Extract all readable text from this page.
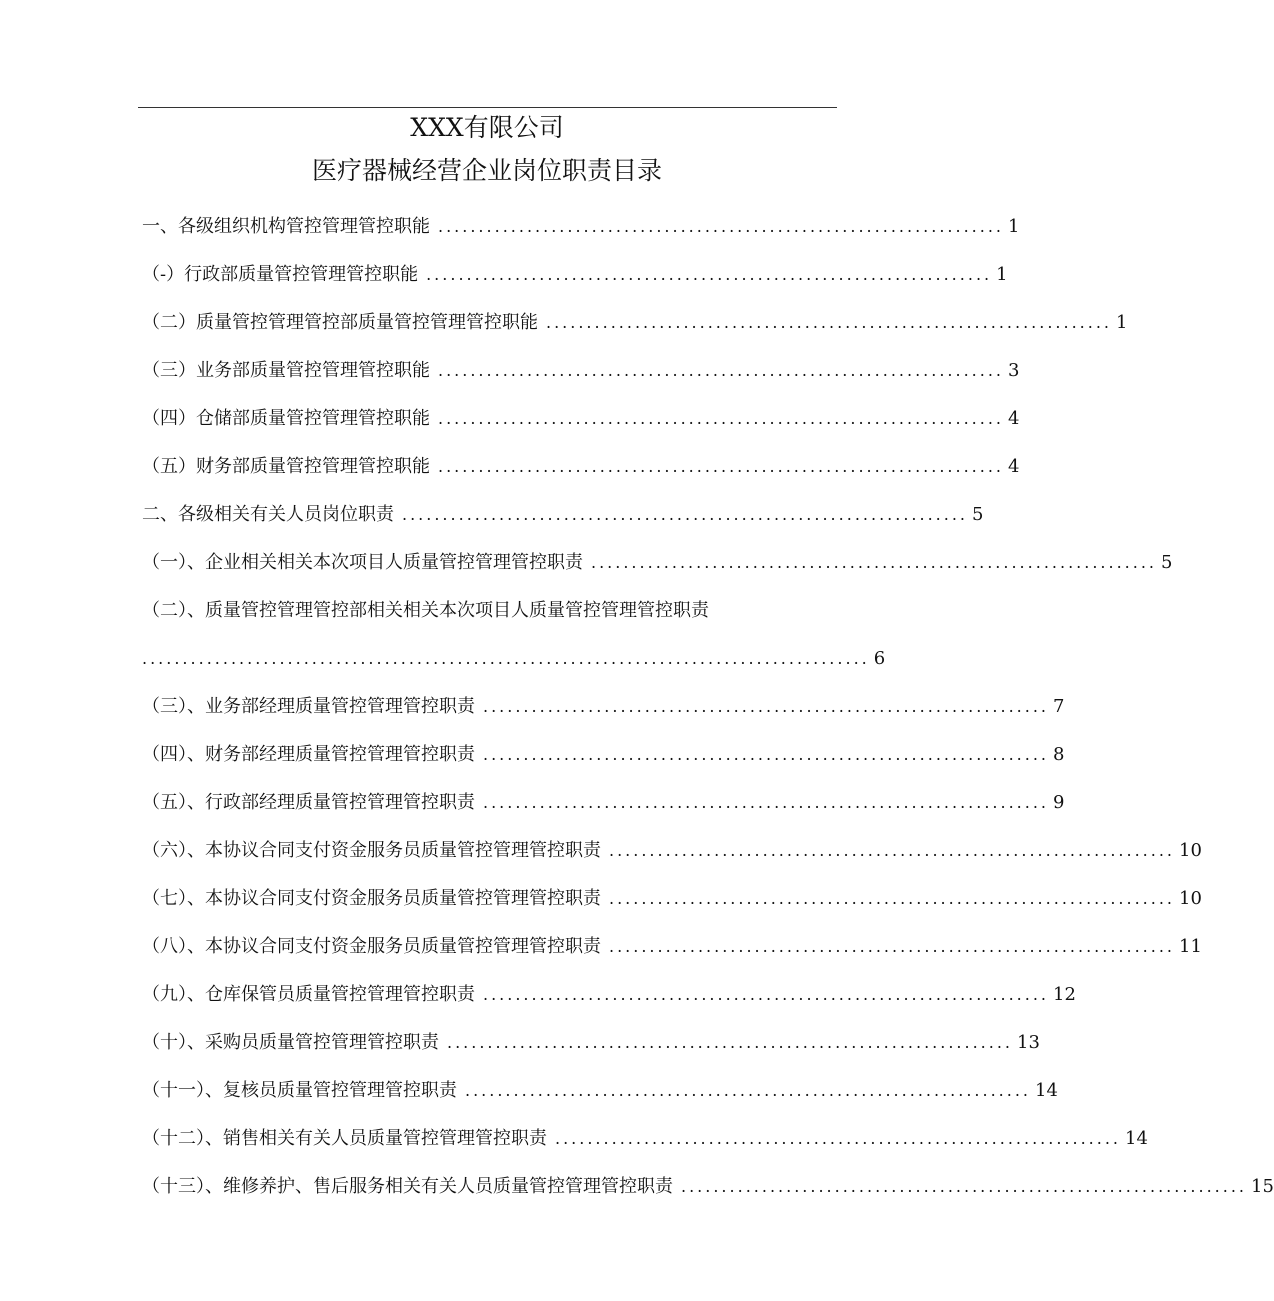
XXX有限公司
医疗器械经营企业岗位职责目录
一、各级组织机构管控管理管控职能 ...................................................................... 1
（-）行政部质量管控管理管控职能 ...................................................................... 1
（二）质量管控管理管控部质量管控管理管控职能 ...................................................................... 1
（三）业务部质量管控管理管控职能 ...................................................................... 3
（四）仓储部质量管控管理管控职能 ...................................................................... 4
（五）财务部质量管控管理管控职能 ...................................................................... 4
二、各级相关有关人员岗位职责 ...................................................................... 5
（一）、企业相关相关本次项目人质量管控管理管控职责 ...................................................................... 5
（二）、质量管控管理管控部相关相关本次项目人质量管控管理管控职责
.......................................................................................... 6
（三）、业务部经理质量管控管理管控职责 ...................................................................... 7
（四）、财务部经理质量管控管理管控职责 ...................................................................... 8
（五）、行政部经理质量管控管理管控职责 ...................................................................... 9
（六）、本协议合同支付资金服务员质量管控管理管控职责 ...................................................................... 10
（七）、本协议合同支付资金服务员质量管控管理管控职责 ...................................................................... 10
（八）、本协议合同支付资金服务员质量管控管理管控职责 ...................................................................... 11
（九）、仓库保管员质量管控管理管控职责 ...................................................................... 12
（十）、采购员质量管控管理管控职责 ...................................................................... 13
（十一）、复核员质量管控管理管控职责 ...................................................................... 14
（十二）、销售相关有关人员质量管控管理管控职责 ...................................................................... 14
（十三）、维修养护、售后服务相关有关人员质量管控管理管控职责 ...................................................................... 15
